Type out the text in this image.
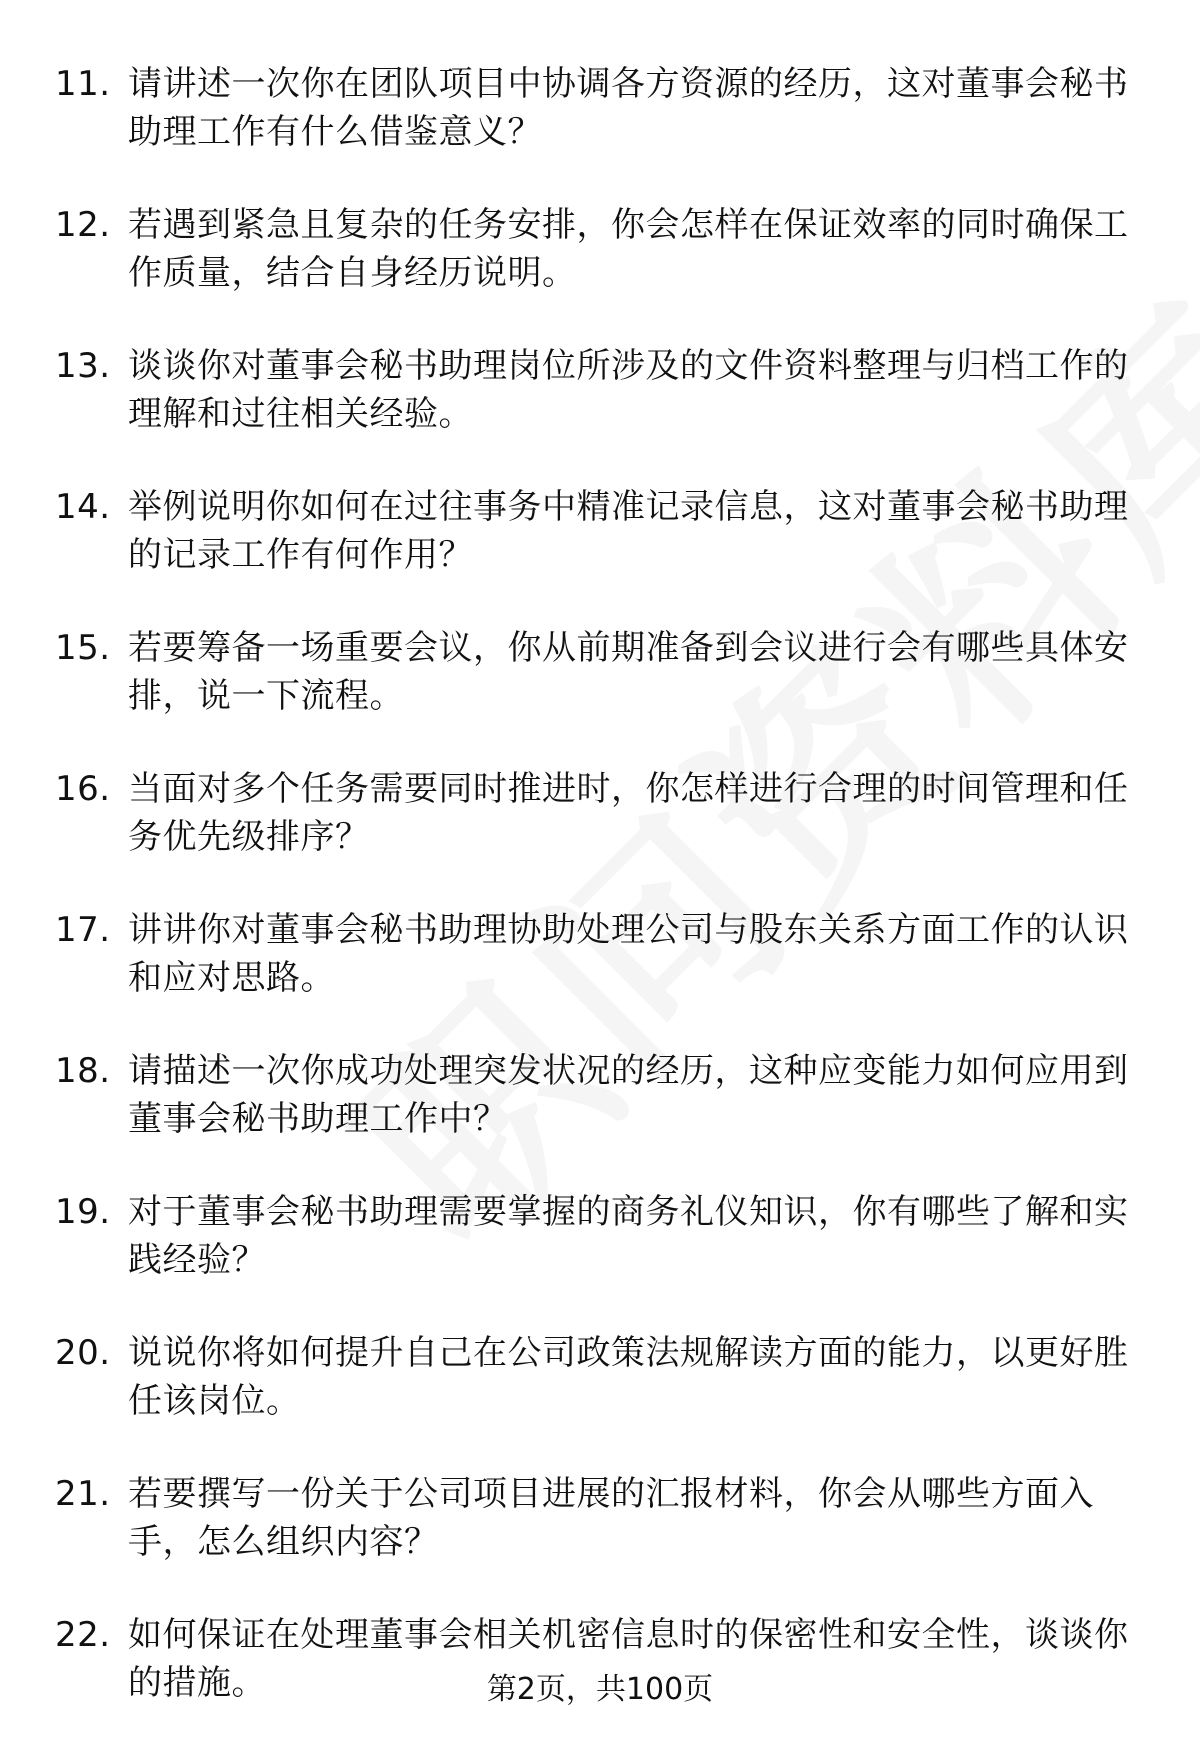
11. 请讲述一次你在团队项目中协调各方资源的经历，这对董事会秘书助理工作有什么借鉴意义？
12. 若遇到紧急且复杂的任务安排，你会怎样在保证效率的同时确保工作质量，结合自身经历说明。
13. 谈谈你对董事会秘书助理岗位所涉及的文件资料整理与归档工作的理解和过往相关经验。
14. 举例说明你如何在过往事务中精准记录信息，这对董事会秘书助理的记录工作有何作用？
15. 若要筹备一场重要会议，你从前期准备到会议进行会有哪些具体安排，说一下流程。
16. 当面对多个任务需要同时推进时，你怎样进行合理的时间管理和任务优先级排序？
17. 讲讲你对董事会秘书助理协助处理公司与股东关系方面工作的认识和应对思路。
18. 请描述一次你成功处理突发状况的经历，这种应变能力如何应用到董事会秘书助理工作中？
19. 对于董事会秘书助理需要掌握的商务礼仪知识，你有哪些了解和实践经验？
20. 说说你将如何提升自己在公司政策法规解读方面的能力，以更好胜任该岗位。
21. 若要撰写一份关于公司项目进展的汇报材料，你会从哪些方面入手，怎么组织内容？
22. 如何保证在处理董事会相关机密信息时的保密性和安全性，谈谈你的措施。	第2页，共100页
